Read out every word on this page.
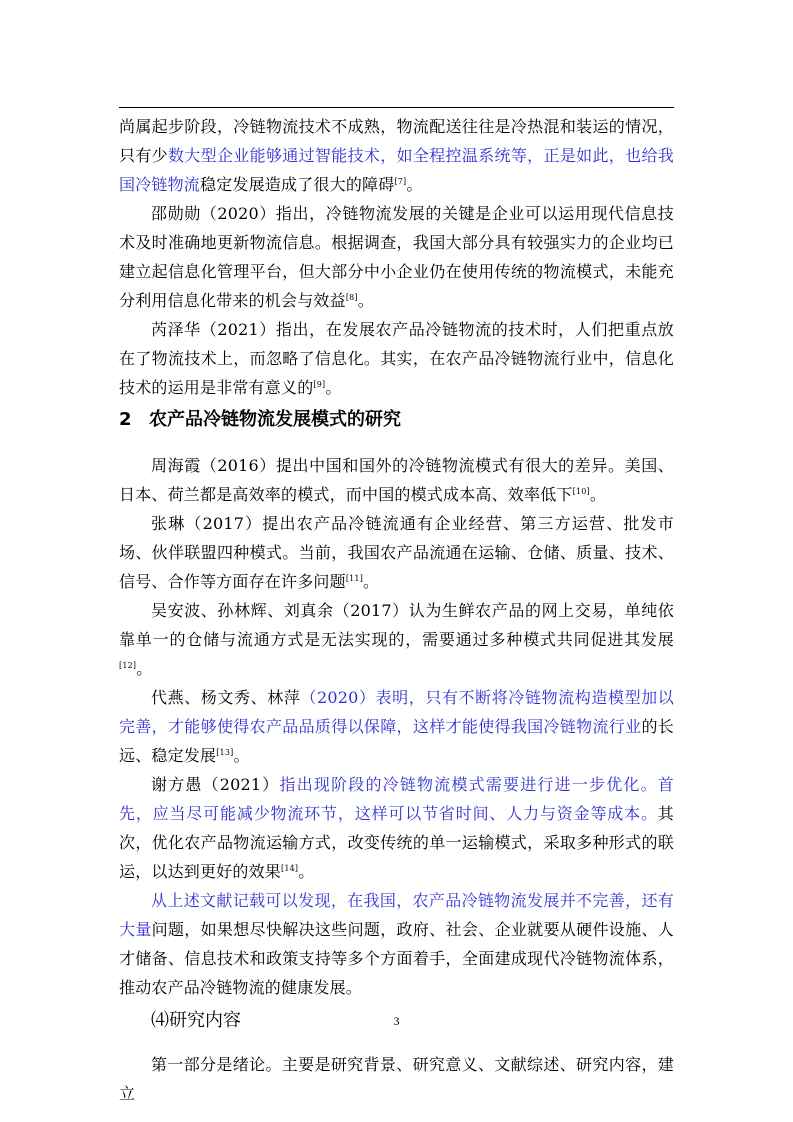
尚属起步阶段，冷链物流技术不成熟，物流配送往往是冷热混和装运的情况，只有少数大型企业能够通过智能技术，如全程控温系统等，正是如此，也给我国冷链物流稳定发展造成了很大的障碍[7]。

邵勋勋（2020）指出，冷链物流发展的关键是企业可以运用现代信息技术及时准确地更新物流信息。根据调查，我国大部分具有较强实力的企业均已建立起信息化管理平台，但大部分中小企业仍在使用传统的物流模式，未能充分利用信息化带来的机会与效益[8]。

芮泽华（2021）指出，在发展农产品冷链物流的技术时，人们把重点放在了物流技术上，而忽略了信息化。其实，在农产品冷链物流行业中，信息化技术的运用是非常有意义的[9]。

2 农产品冷链物流发展模式的研究

周海霞（2016）提出中国和国外的冷链物流模式有很大的差异。美国、日本、荷兰都是高效率的模式，而中国的模式成本高、效率低下[10]。

张琳（2017）提出农产品冷链流通有企业经营、第三方运营、批发市场、伙伴联盟四种模式。当前，我国农产品流通在运输、仓储、质量、技术、信号、合作等方面存在许多问题[11]。

吴安波、孙林辉、刘真余（2017）认为生鲜农产品的网上交易，单纯依靠单一的仓储与流通方式是无法实现的，需要通过多种模式共同促进其发展[12]。

代燕、杨文秀、林萍（2020）表明，只有不断将冷链物流构造模型加以完善，才能够使得农产品品质得以保障，这样才能使得我国冷链物流行业的长远、稳定发展[13]。

谢方愚（2021）指出现阶段的冷链物流模式需要进行进一步优化。首先，应当尽可能减少物流环节，这样可以节省时间、人力与资金等成本。其次，优化农产品物流运输方式，改变传统的单一运输模式，采取多种形式的联运，以达到更好的效果[14]。

从上述文献记载可以发现，在我国，农产品冷链物流发展并不完善，还有大量问题，如果想尽快解决这些问题，政府、社会、企业就要从硬件设施、人才储备、信息技术和政策支持等多个方面着手，全面建成现代冷链物流体系，推动农产品冷链物流的健康发展。

⑷研究内容

第一部分是绪论。主要是研究背景、研究意义、文献综述、研究内容，建立

3
